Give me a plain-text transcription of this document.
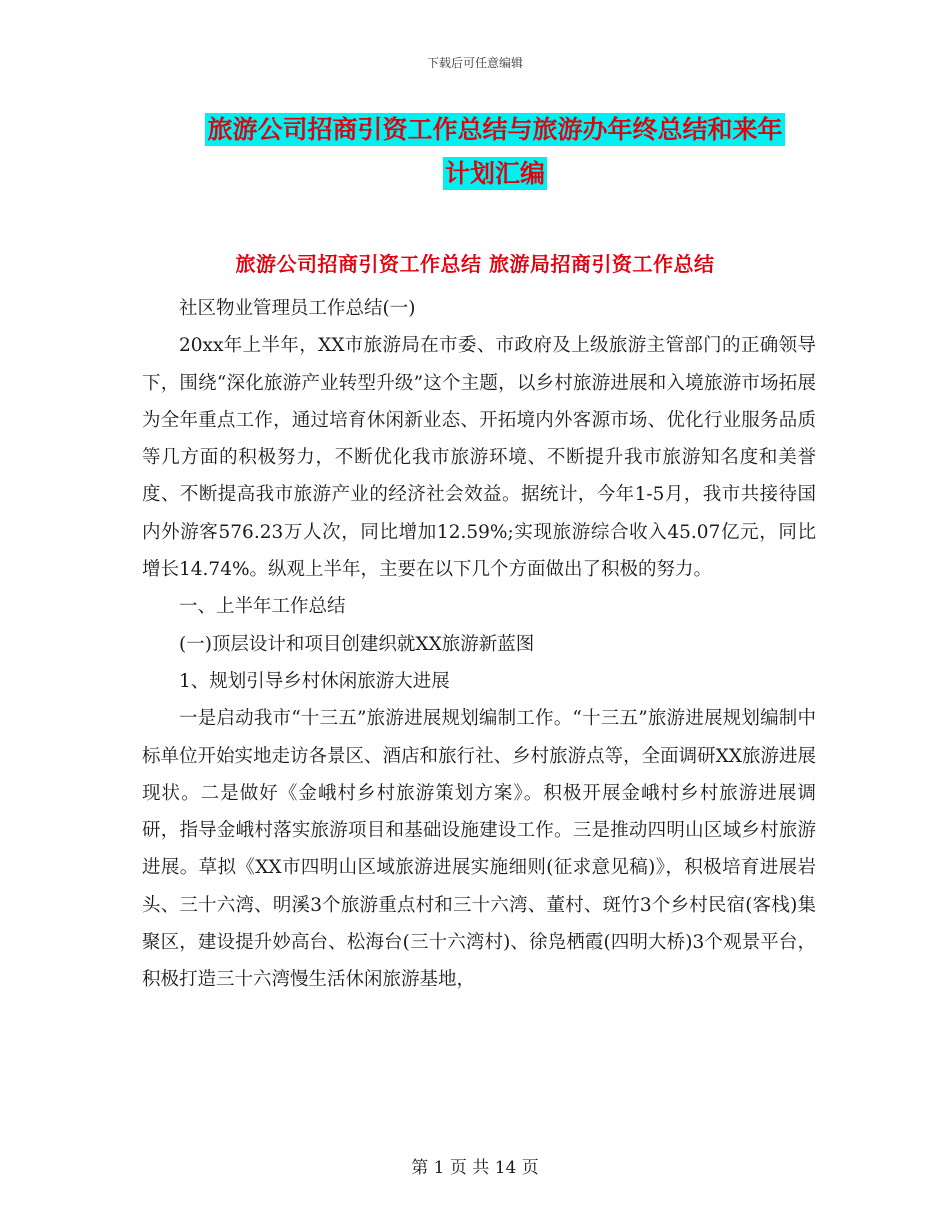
下载后可任意编辑
旅游公司招商引资工作总结与旅游办年终总结和来年
计划汇编
旅游公司招商引资工作总结 旅游局招商引资工作总结

社区物业管理员工作总结(一)

20xx年上半年，XX市旅游局在市委、市政府及上级旅游主管部门的正确领导下，围绕“深化旅游产业转型升级”这个主题，以乡村旅游进展和入境旅游市场拓展为全年重点工作，通过培育休闲新业态、开拓境内外客源市场、优化行业服务品质等几方面的积极努力，不断优化我市旅游环境、不断提升我市旅游知名度和美誉度、不断提高我市旅游产业的经济社会效益。据统计，今年1-5月，我市共接待国内外游客576.23万人次，同比增加12.59%;实现旅游综合收入45.07亿元，同比增长14.74%。纵观上半年，主要在以下几个方面做出了积极的努力。

一、上半年工作总结

(一)顶层设计和项目创建织就XX旅游新蓝图

1、规划引导乡村休闲旅游大进展

一是启动我市“十三五”旅游进展规划编制工作。“十三五”旅游进展规划编制中标单位开始实地走访各景区、酒店和旅行社、乡村旅游点等，全面调研XX旅游进展现状。二是做好《金峨村乡村旅游策划方案》。积极开展金峨村乡村旅游进展调研，指导金峨村落实旅游项目和基础设施建设工作。三是推动四明山区域乡村旅游进展。草拟《XX市四明山区域旅游进展实施细则(征求意见稿)》，积极培育进展岩头、三十六湾、明溪3个旅游重点村和三十六湾、董村、斑竹3个乡村民宿(客栈)集聚区，建设提升妙高台、松海台(三十六湾村)、徐凫栖霞(四明大桥)3个观景平台，积极打造三十六湾慢生活休闲旅游基地，

第 1 页 共 14 页
